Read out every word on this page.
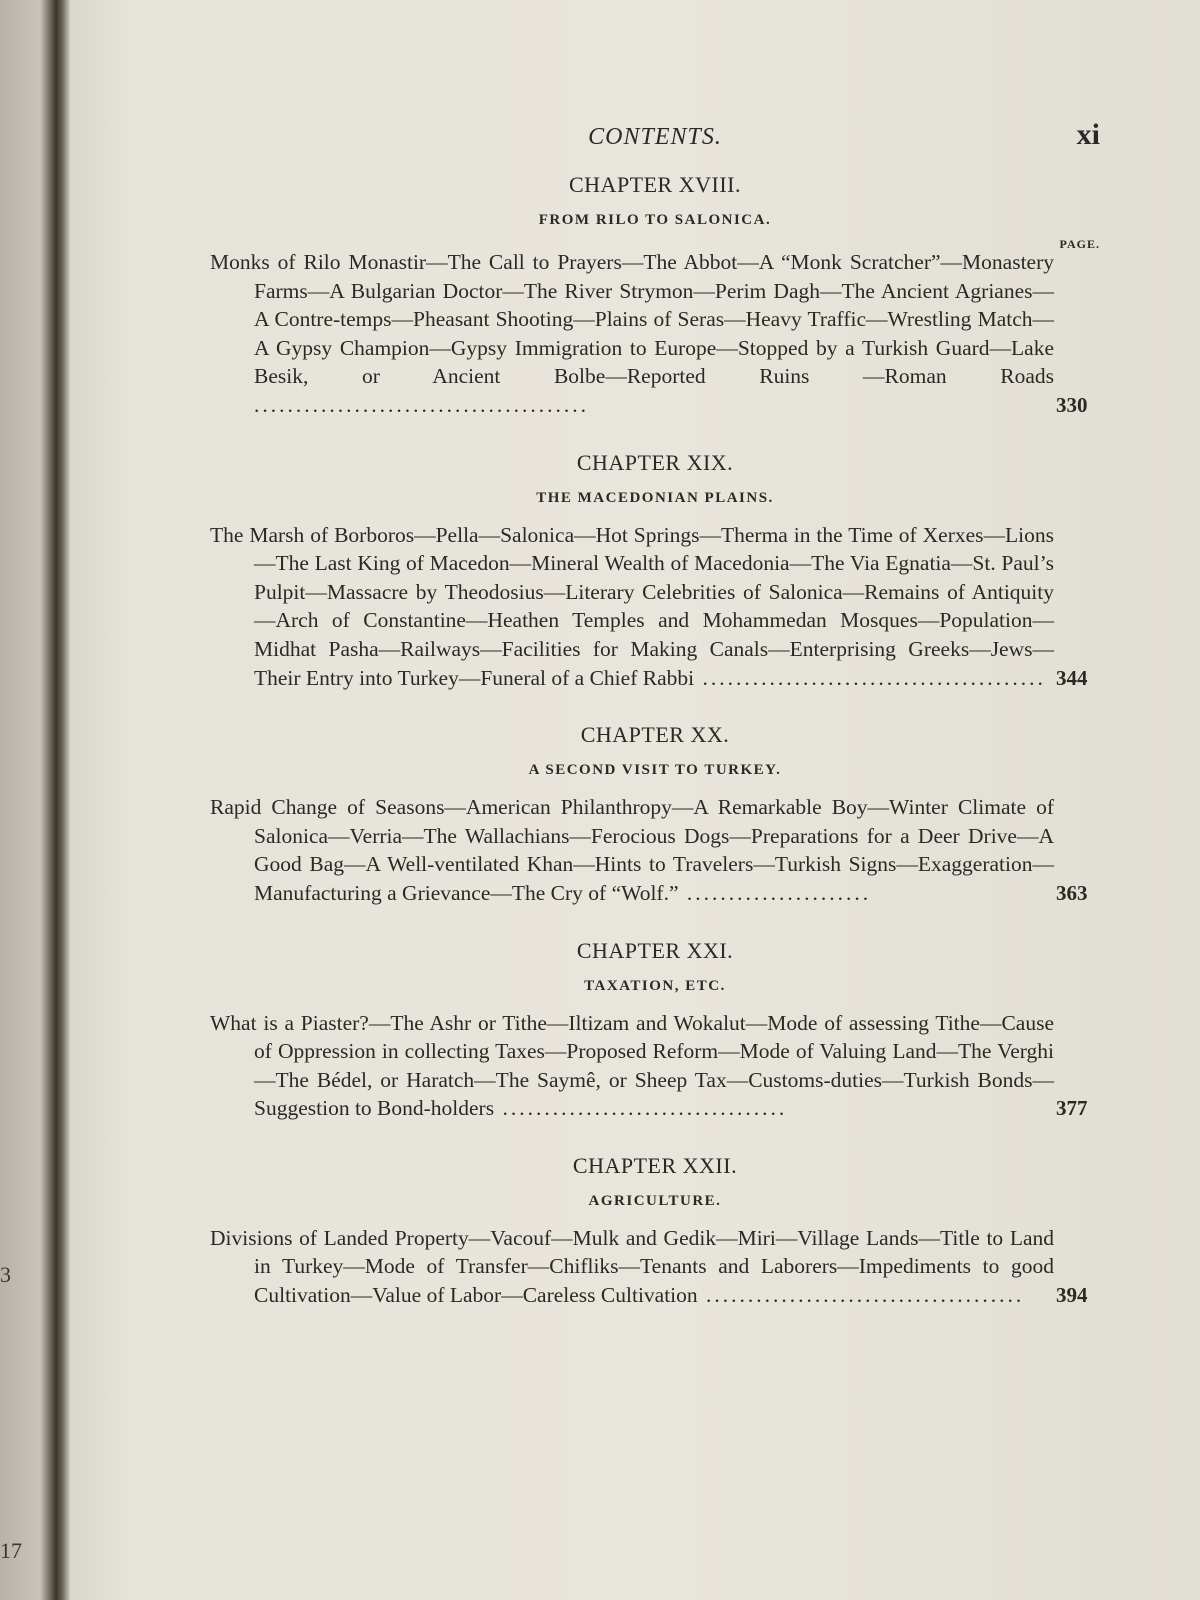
3
17
CONTENTS.	xi
CHAPTER XVIII.
FROM RILO TO SALONICA.
PAGE.
Monks of Rilo Monastir—The Call to Prayers—The Abbot—A “Monk Scratcher”—Monastery Farms—A Bulgarian Doctor—The River Strymon—Perim Dagh—The Ancient Agrianes—A Contre-temps—Pheasant Shooting—Plains of Seras—Heavy Traffic—Wrestling Match—A Gypsy Champion—Gypsy Immigration to Europe—Stopped by a Turkish Guard—Lake Besik, or Ancient Bolbe—Reported Ruins —Roman Roads ........................................	330
CHAPTER XIX.
THE MACEDONIAN PLAINS.
The Marsh of Borboros—Pella—Salonica—Hot Springs—Therma in the Time of Xerxes—Lions—The Last King of Macedon—Mineral Wealth of Macedonia—The Via Egnatia—St. Paul’s Pulpit—Massacre by Theodosius—Literary Celebrities of Salonica—Remains of Antiquity—Arch of Constantine—Heathen Temples and Mohammedan Mosques—Population—Midhat Pasha—Railways—Facilities for Making Canals—Enterprising Greeks—Jews—Their Entry into Turkey—Funeral of a Chief Rabbi ......................................... 344
CHAPTER XX.
A SECOND VISIT TO TURKEY.
Rapid Change of Seasons—American Philanthropy—A Remarkable Boy—Winter Climate of Salonica—Verria—The Wallachians—Ferocious Dogs—Preparations for a Deer Drive—A Good Bag—A Well-ventilated Khan—Hints to Travelers—Turkish Signs—Exaggeration—Manufacturing a Grievance—The Cry of “Wolf.” ......................	363
CHAPTER XXI.
TAXATION, ETC.
What is a Piaster?—The Ashr or Tithe—Iltizam and Wokalut—Mode of assessing Tithe—Cause of Oppression in collecting Taxes—Proposed Reform—Mode of Valuing Land—The Verghi—The Bédel, or Haratch—The Saymê, or Sheep Tax—Customs-duties—Turkish Bonds—Suggestion to Bond-holders ..................................	377
CHAPTER XXII.
AGRICULTURE.
Divisions of Landed Property—Vacouf—Mulk and Gedik—Miri—Village Lands—Title to Land in Turkey—Mode of Transfer—Chifliks—Tenants and Laborers—Impediments to good Cultivation—Value of Labor—Careless Cultivation ...................................... 394
